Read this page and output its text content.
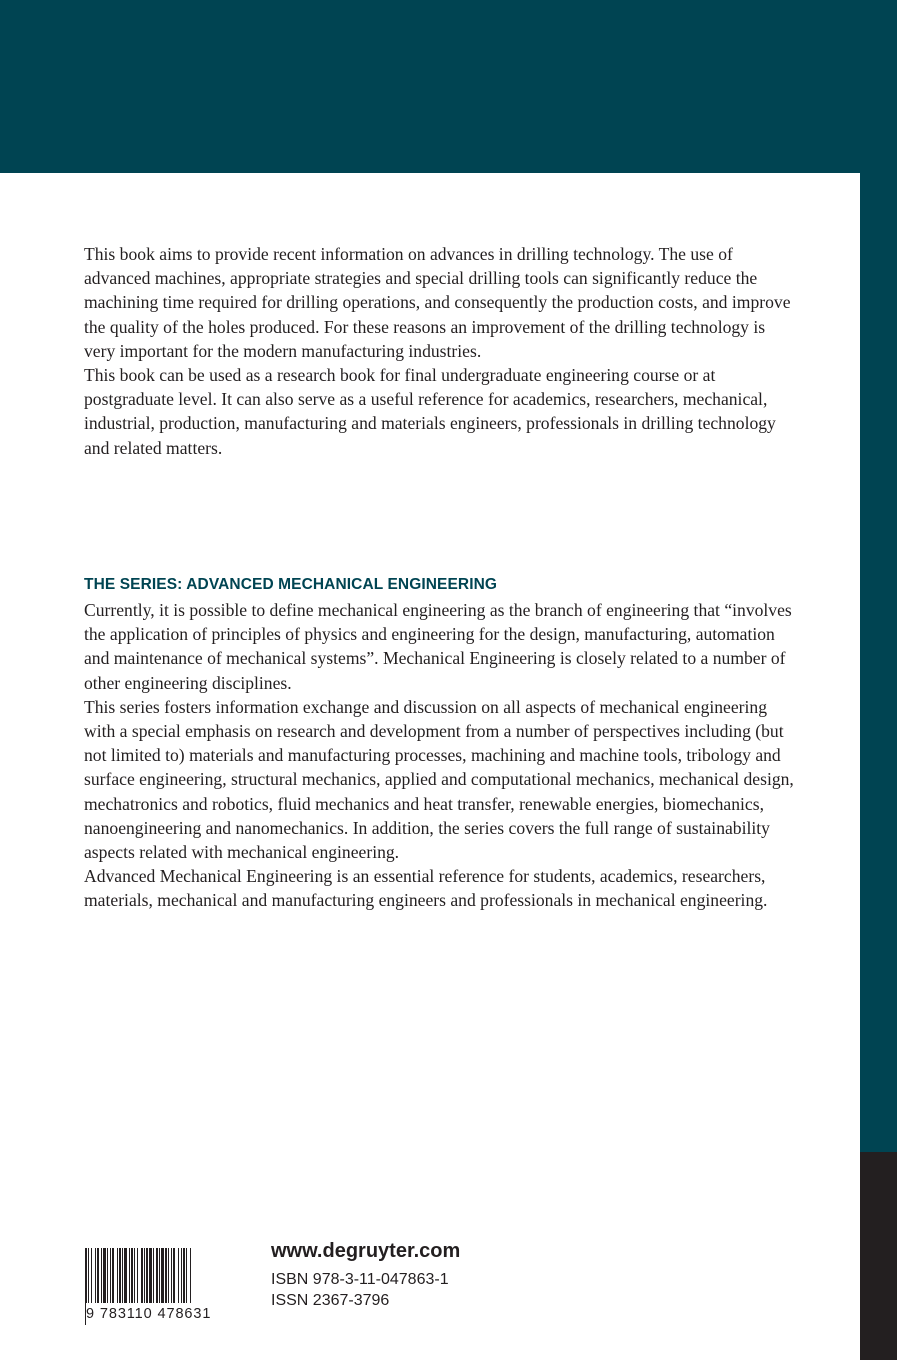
This book aims to provide recent information on advances in drilling technology. The use of advanced machines, appropriate strategies and special drilling tools can significantly reduce the machining time required for drilling operations, and consequently the production costs, and improve the quality of the holes produced. For these reasons an improvement of the drilling technology is very important for the modern manufacturing industries.

This book can be used as a research book for final undergraduate engineering course or at postgraduate level. It can also serve as a useful reference for academics, researchers, mechanical, industrial, production, manufacturing and materials engineers, professionals in drilling technology and related matters.

THE SERIES: ADVANCED MECHANICAL ENGINEERING

Currently, it is possible to define mechanical engineering as the branch of engineering that “involves the application of principles of physics and engineering for the design, manufacturing, automation and maintenance of mechanical systems”. Mechanical Engineering is closely related to a number of other engineering disciplines.

This series fosters information exchange and discussion on all aspects of mechanical engineering with a special emphasis on research and development from a number of perspectives including (but not limited to) materials and manufacturing processes, machining and machine tools, tribology and surface engineering, structural mechanics, applied and computational mechanics, mechanical design, mechatronics and robotics, fluid mechanics and heat transfer, renewable energies, biomechanics, nanoengineering and nanomechanics. In addition, the series covers the full range of sustainability aspects related with mechanical engineering.

Advanced Mechanical Engineering is an essential reference for students, academics, researchers, materials, mechanical and manufacturing engineers and professionals in mechanical engineering.

9 783110 478631

www.degruyter.com

ISBN 978-3-11-047863-1

ISSN 2367-3796
